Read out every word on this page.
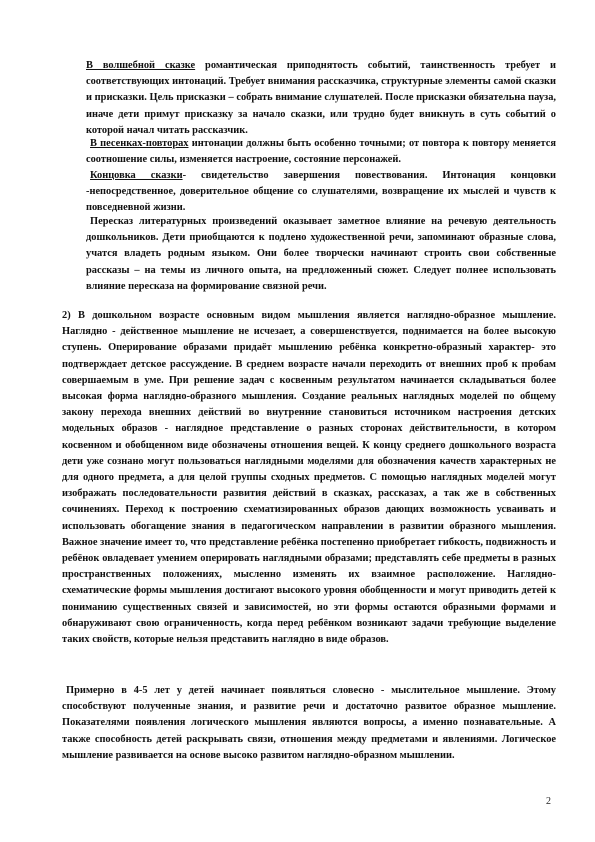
В волшебной сказке романтическая приподнятость событий, таинственность требует и соответствующих интонаций. Требует внимания рассказчика, структурные элементы самой сказки и присказки. Цель присказки – собрать внимание слушателей. После присказки обязательна пауза, иначе дети примут присказку за начало сказки, или трудно будет вникнуть в суть событий о которой начал читать рассказчик.

В песенках-повторах интонации должны быть особенно точными; от повтора к повтору меняется соотношение силы, изменяется настроение, состояние персонажей.

Концовка сказки- свидетельство завершения повествования. Интонация концовки -непосредственное, доверительное общение со слушателями, возвращение их мыслей и чувств к повседневной жизни.

Пересказ литературных произведений оказывает заметное влияние на речевую деятельность дошкольников. Дети приобщаются к подлено художественной речи, запоминают образные слова, учатся владеть родным языком. Они более творчески начинают строить свои собственные рассказы – на темы из личного опыта, на предложенный сюжет. Следует полнее использовать влияние пересказа на формирование связной речи.

2) В дошкольном возрасте основным видом мышления является наглядно-образное мышление. Наглядно - действенное мышление не исчезает, а совершенствуется, поднимается на более высокую ступень. Оперирование образами придаёт мышлению ребёнка конкретно-образный характер- это подтверждает детское рассуждение. В среднем возрасте начали переходить от внешних проб к пробам совершаемым в уме. При решение задач с косвенным результатом начинается складываться более высокая форма наглядно-образного мышления. Создание реальных наглядных моделей по общему закону перехода внешних действий во внутренние становиться источником настроения детских модельных образов - наглядное представление о разных сторонах действительности, в котором косвенном и обобщенном виде обозначены отношения вещей. К концу среднего дошкольного возраста дети уже сознано могут пользоваться наглядными моделями для обозначения качеств характерных не для одного предмета, а для целой группы сходных предметов. С помощью наглядных моделей могут изображать последовательности развития действий в сказках, рассказах, а так же в собственных сочинениях. Переход к построению схематизированных образов дающих возможность усваивать и использовать обогащение знания в педагогическом направлении в развитии образного мышления. Важное значение имеет то, что представление ребёнка постепенно приобретает гибкость, подвижность и ребёнок овладевает умением оперировать наглядными образами; представлять себе предметы в разных пространственных положениях, мысленно изменять их взаимное расположение. Наглядно-схематические формы мышления достигают высокого уровня обобщенности и могут приводить детей к пониманию существенных связей и зависимостей, но эти формы остаются образными формами и обнаруживают свою ограниченность, когда перед ребёнком возникают задачи требующие выделение таких свойств, которые нельзя представить наглядно в виде образов.

Примерно в 4-5 лет у детей начинает появляться словесно - мыслительное мышление. Этому способствуют полученные знания, и развитие речи и достаточно развитое образное мышление. Показателями появления логического мышления являются вопросы, а именно познавательные. А также способность детей раскрывать связи, отношения между предметами и явлениями. Логическое мышление развивается на основе высоко развитом наглядно-образном мышлении.

2
